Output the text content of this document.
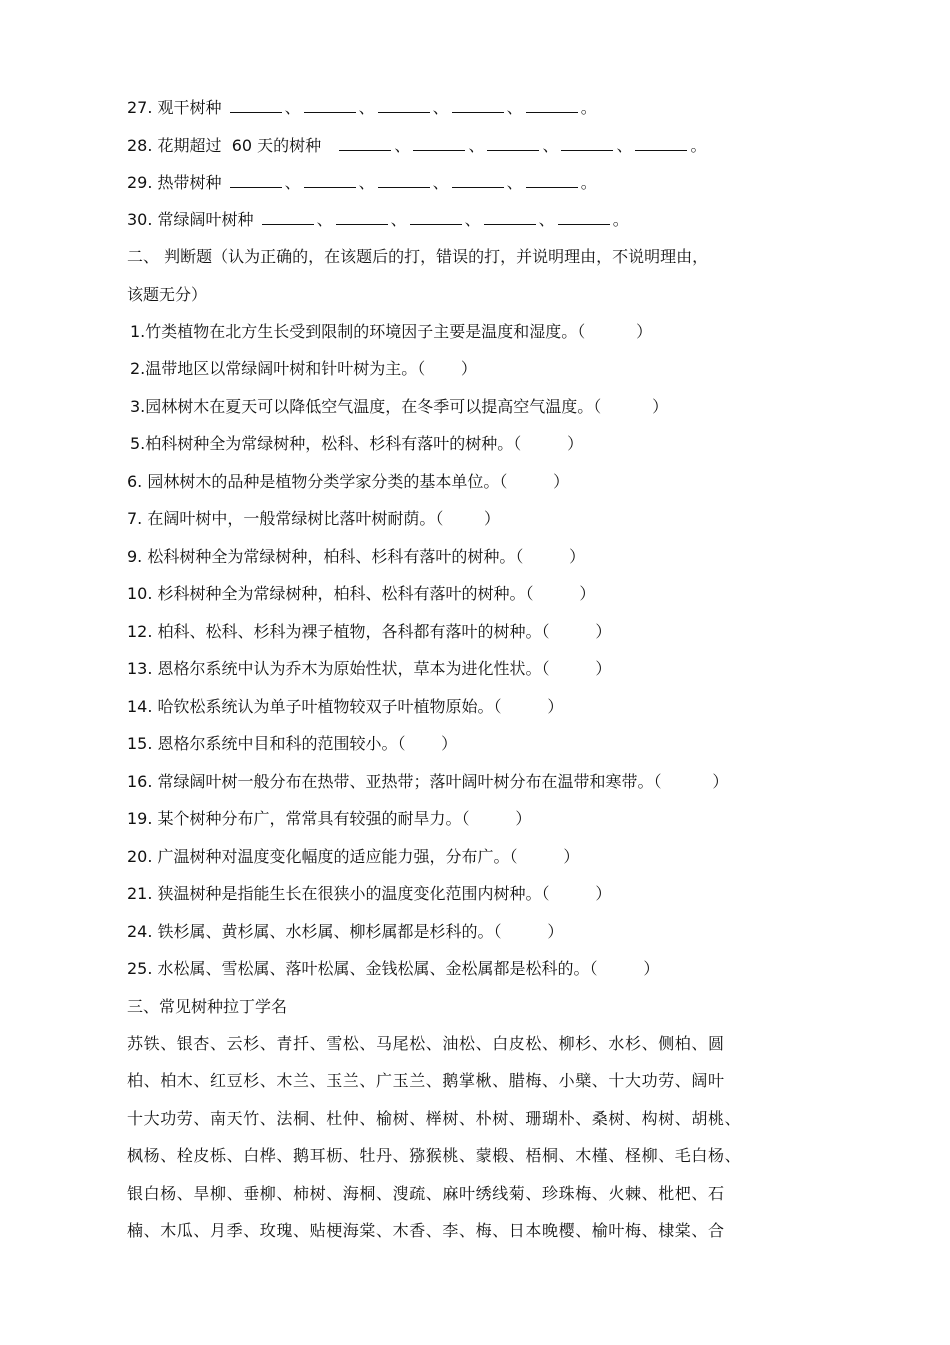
27. 观干树种	、	、	、	、	。
28. 花期超过  60 天的树种	、	、	、	、	。
29. 热带树种	、	、	、	、	。
30. 常绿阔叶树种	、	、	、	、	。
二、 判断题（认为正确的，在该题后的打，错误的打，并说明理由，不说明理由，
该题无分）
1.竹类植物在北方生长受到限制的环境因子主要是温度和湿度。（	）
2.温带地区以常绿阔叶树和针叶树为主。（ ）
3.园林树木在夏天可以降低空气温度，在冬季可以提高空气温度。（	）
5.柏科树种全为常绿树种，松科、杉科有落叶的树种。（	）
6. 园林树木的品种是植物分类学家分类的基本单位。（	）
7. 在阔叶树中，一般常绿树比落叶树耐荫。（	）
9. 松科树种全为常绿树种，柏科、杉科有落叶的树种。（	）
10. 杉科树种全为常绿树种，柏科、松科有落叶的树种。（	）
12. 柏科、松科、杉科为裸子植物，各科都有落叶的树种。（	）
13. 恩格尔系统中认为乔木为原始性状，草本为进化性状。（	）
14. 哈钦松系统认为单子叶植物较双子叶植物原始。（	）
15. 恩格尔系统中目和科的范围较小。（ ）
16. 常绿阔叶树一般分布在热带、亚热带；落叶阔叶树分布在温带和寒带。（	）
19. 某个树种分布广，常常具有较强的耐旱力。（	）
20. 广温树种对温度变化幅度的适应能力强，分布广。（	）
21. 狭温树种是指能生长在很狭小的温度变化范围内树种。（	）
24. 铁杉属、黄杉属、水杉属、柳杉属都是杉科的。（	）
25. 水松属、雪松属、落叶松属、金钱松属、金松属都是松科的。（	）
三、常见树种拉丁学名
苏铁、银杏、云杉、青扦、雪松、马尾松、油松、白皮松、柳杉、水杉、侧柏、圆
柏、柏木、红豆杉、木兰、玉兰、广玉兰、鹅掌楸、腊梅、小檗、十大功劳、阔叶
十大功劳、南天竹、法桐、杜仲、榆树、榉树、朴树、珊瑚朴、桑树、构树、胡桃、
枫杨、栓皮栎、白桦、鹅耳枥、牡丹、猕猴桃、蒙椴、梧桐、木槿、柽柳、毛白杨、
银白杨、旱柳、垂柳、柿树、海桐、溲疏、麻叶绣线菊、珍珠梅、火棘、枇杷、石
楠、木瓜、月季、玫瑰、贴梗海棠、木香、李、梅、日本晚樱、榆叶梅、棣棠、合
